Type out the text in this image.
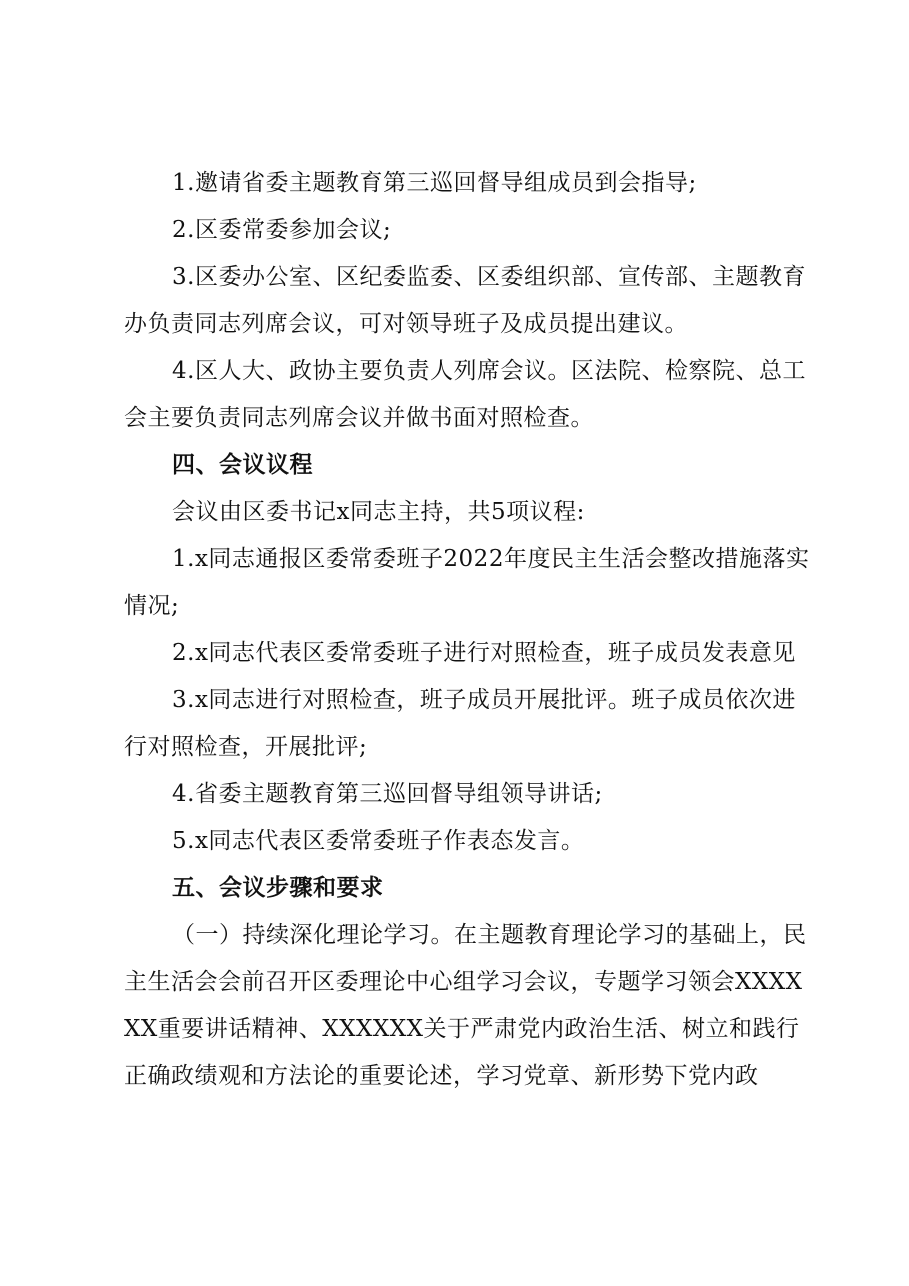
1.邀请省委主题教育第三巡回督导组成员到会指导;

2.区委常委参加会议;

3.区委办公室、区纪委监委、区委组织部、宣传部、主题教育办负责同志列席会议，可对领导班子及成员提出建议。

4.区人大、政协主要负责人列席会议。区法院、检察院、总工会主要负责同志列席会议并做书面对照检查。

四、会议议程

会议由区委书记x同志主持，共5项议程:

1.x同志通报区委常委班子2022年度民主生活会整改措施落实情况;

2.x同志代表区委常委班子进行对照检查，班子成员发表意见

3.x同志进行对照检查，班子成员开展批评。班子成员依次进行对照检查，开展批评;

4.省委主题教育第三巡回督导组领导讲话;

5.x同志代表区委常委班子作表态发言。

五、会议步骤和要求

（一）持续深化理论学习。在主题教育理论学习的基础上，民主生活会会前召开区委理论中心组学习会议，专题学习领会XXXXXX重要讲话精神、XXXXXX关于严肃党内政治生活、树立和践行正确政绩观和方法论的重要论述，学习党章、新形势下党内政
